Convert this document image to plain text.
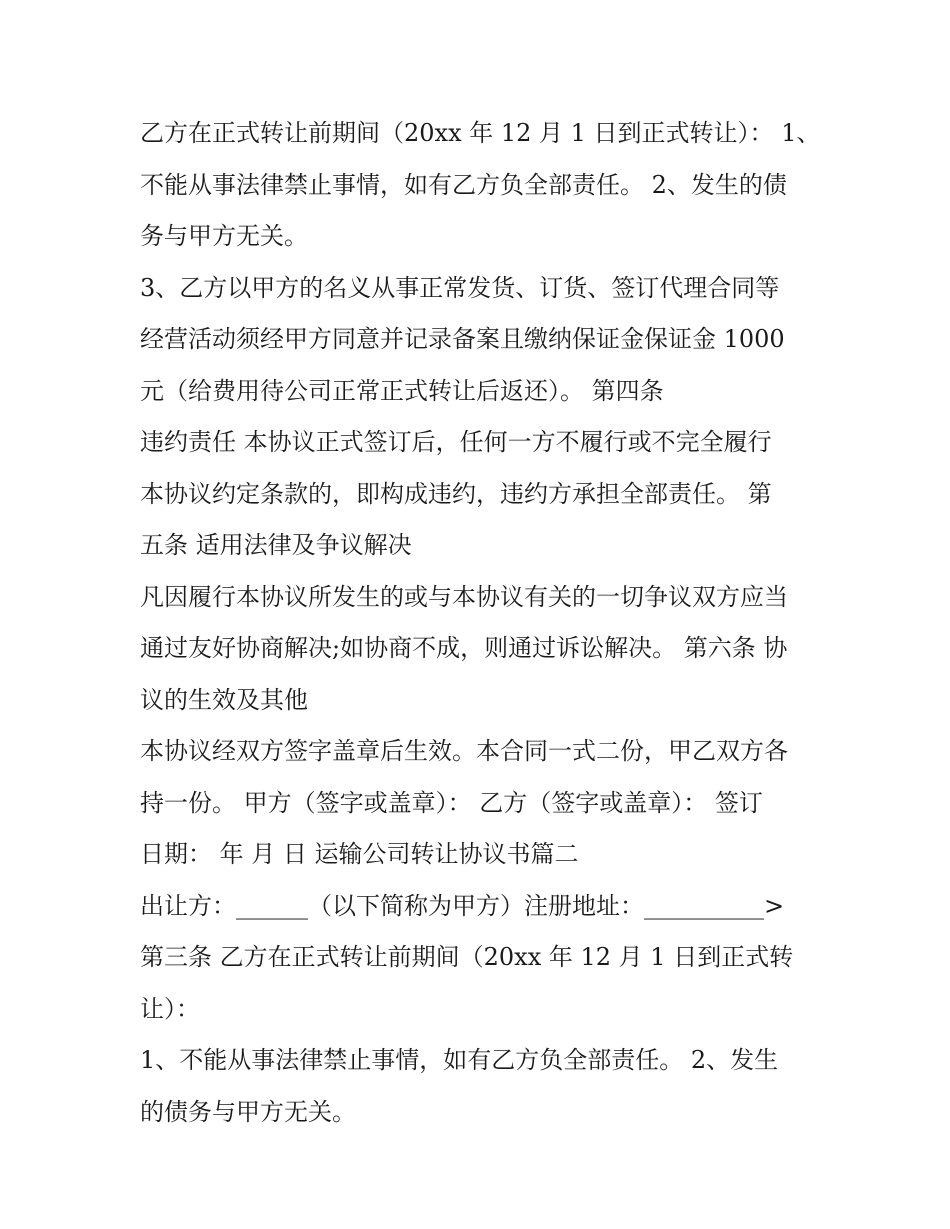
乙方在正式转让前期间（20xx 年 12 月 1 日到正式转让）： 1、
不能从事法律禁止事情，如有乙方负全部责任。 2、发生的债
务与甲方无关。
3、乙方以甲方的名义从事正常发货、订货、签订代理合同等
经营活动须经甲方同意并记录备案且缴纳保证金保证金 1000
元（给费用待公司正常正式转让后返还）。 第四条
违约责任 本协议正式签订后，任何一方不履行或不完全履行
本协议约定条款的，即构成违约，违约方承担全部责任。 第
五条 适用法律及争议解决
凡因履行本协议所发生的或与本协议有关的一切争议双方应当
通过友好协商解决;如协商不成，则通过诉讼解决。 第六条 协
议的生效及其他
本协议经双方签字盖章后生效。本合同一式二份，甲乙双方各
持一份。 甲方（签字或盖章）： 乙方（签字或盖章）： 签订
日期： 年 月 日 运输公司转让协议书篇二
出让方：______（以下简称为甲方）注册地址：__________>
第三条 乙方在正式转让前期间（20xx 年 12 月 1 日到正式转
让）：
1、不能从事法律禁止事情，如有乙方负全部责任。 2、发生
的债务与甲方无关。
